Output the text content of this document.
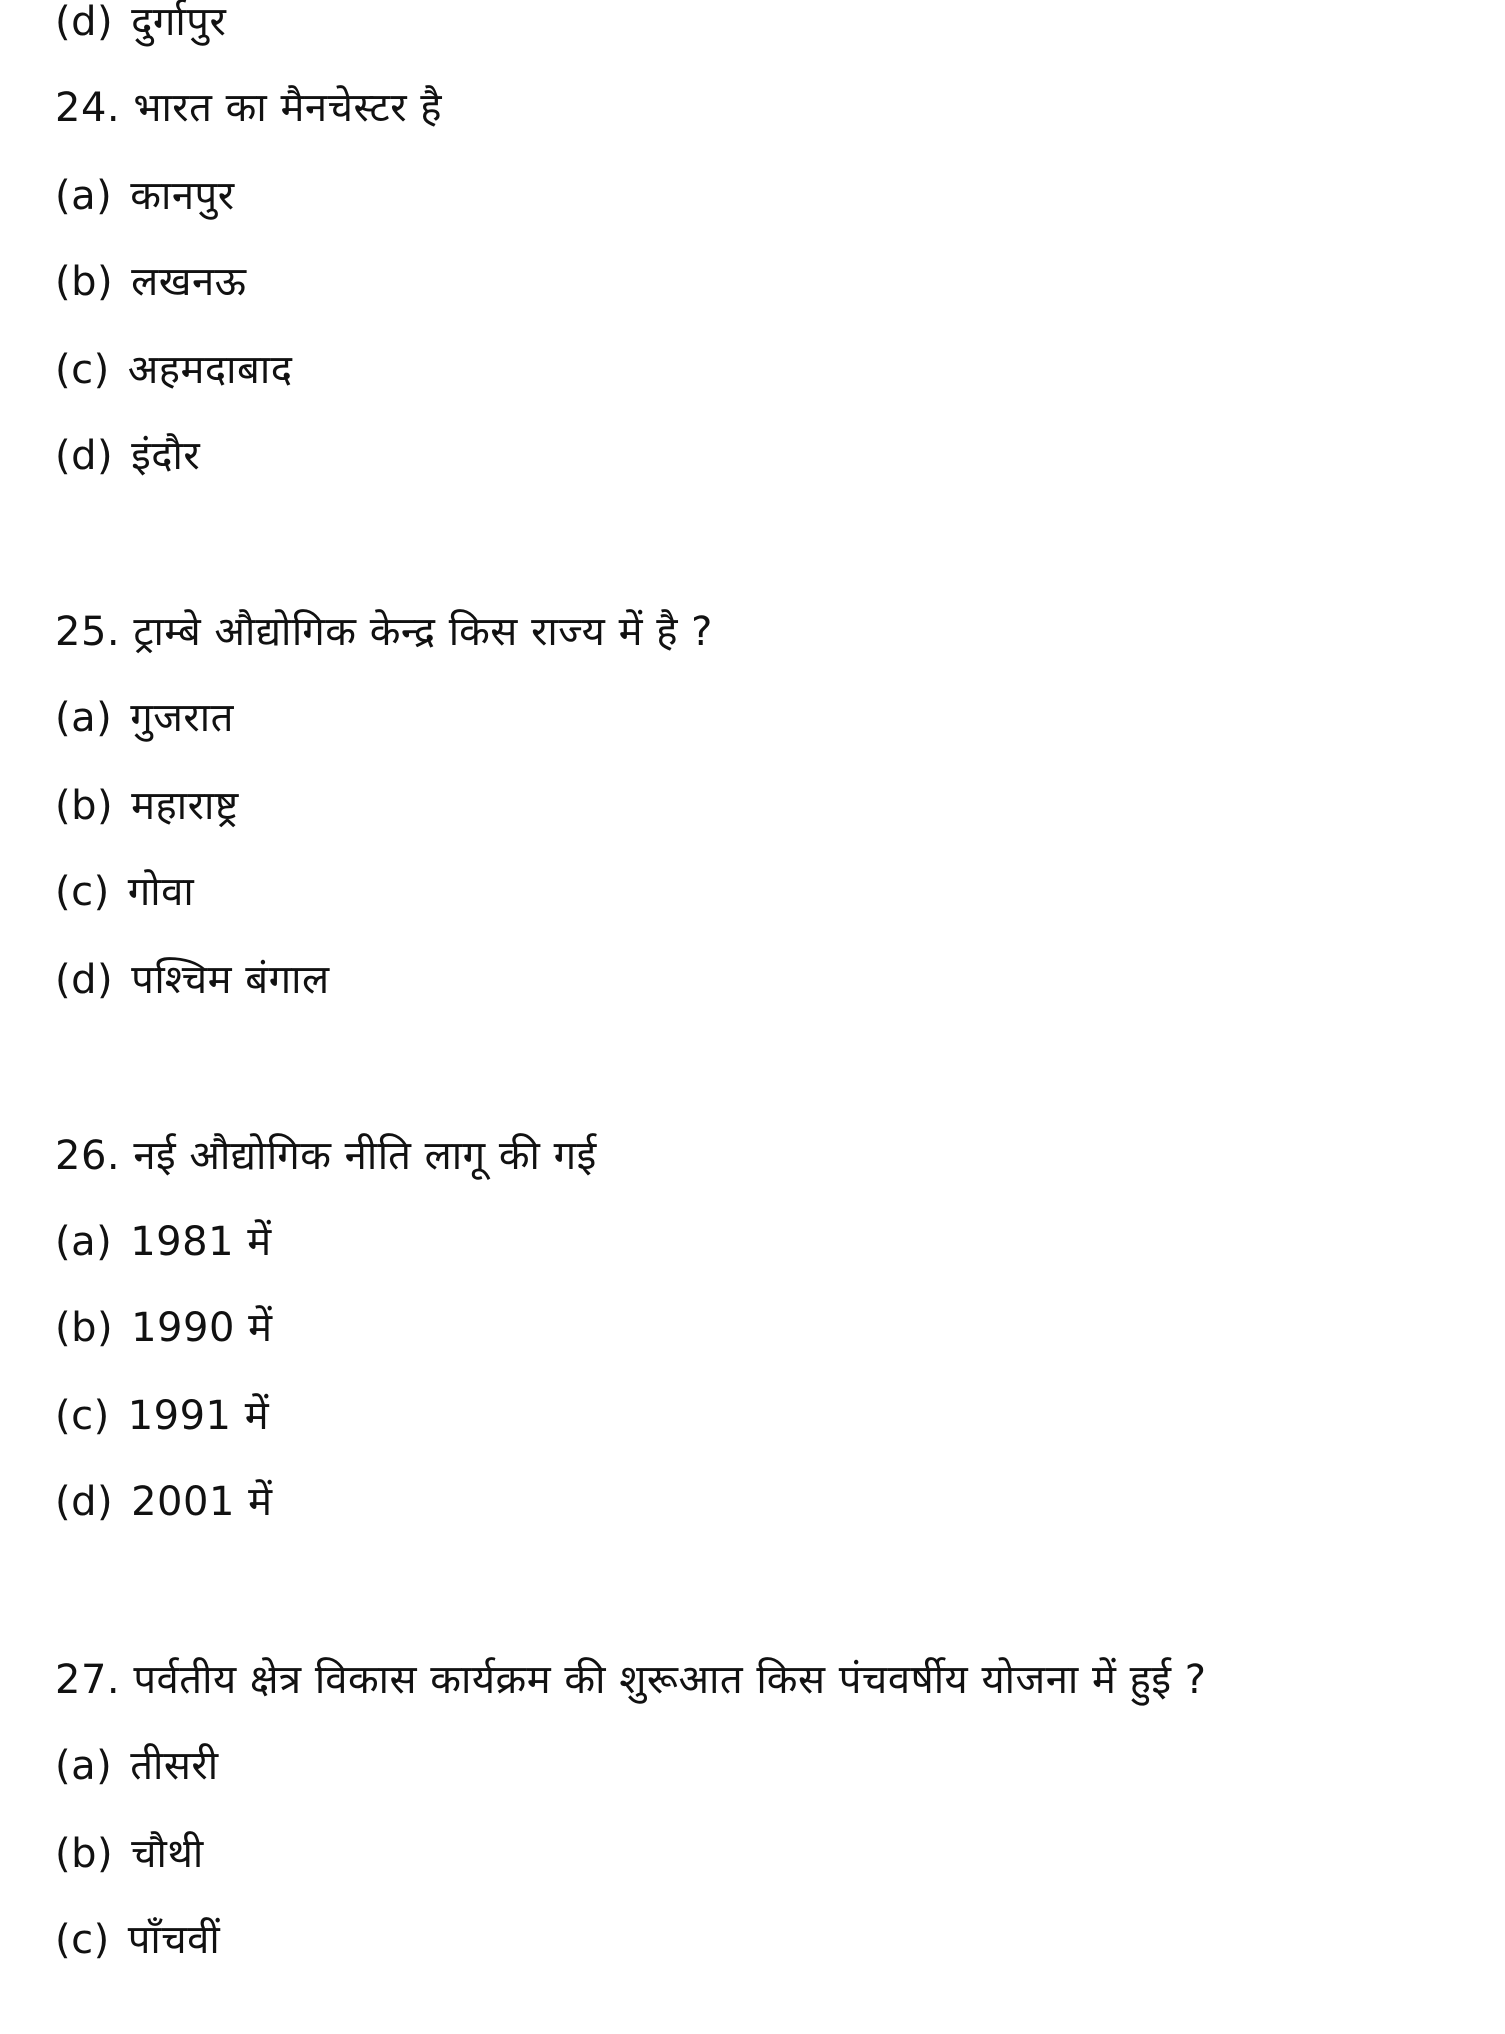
(d) दुर्गापुर
24. भारत का मैनचेस्टर है
(a) कानपुर
(b) लखनऊ
(c) अहमदाबाद
(d) इंदौर
25. ट्राम्बे औद्योगिक केन्द्र किस राज्य में है ?
(a) गुजरात
(b) महाराष्ट्र
(c) गोवा
(d) पश्चिम बंगाल
26. नई औद्योगिक नीति लागू की गई
(a) 1981 में
(b) 1990 में
(c) 1991 में
(d) 2001 में
27. पर्वतीय क्षेत्र विकास कार्यक्रम की शुरूआत किस पंचवर्षीय योजना में हुई ?
(a) तीसरी
(b) चौथी
(c) पाँचवीं
